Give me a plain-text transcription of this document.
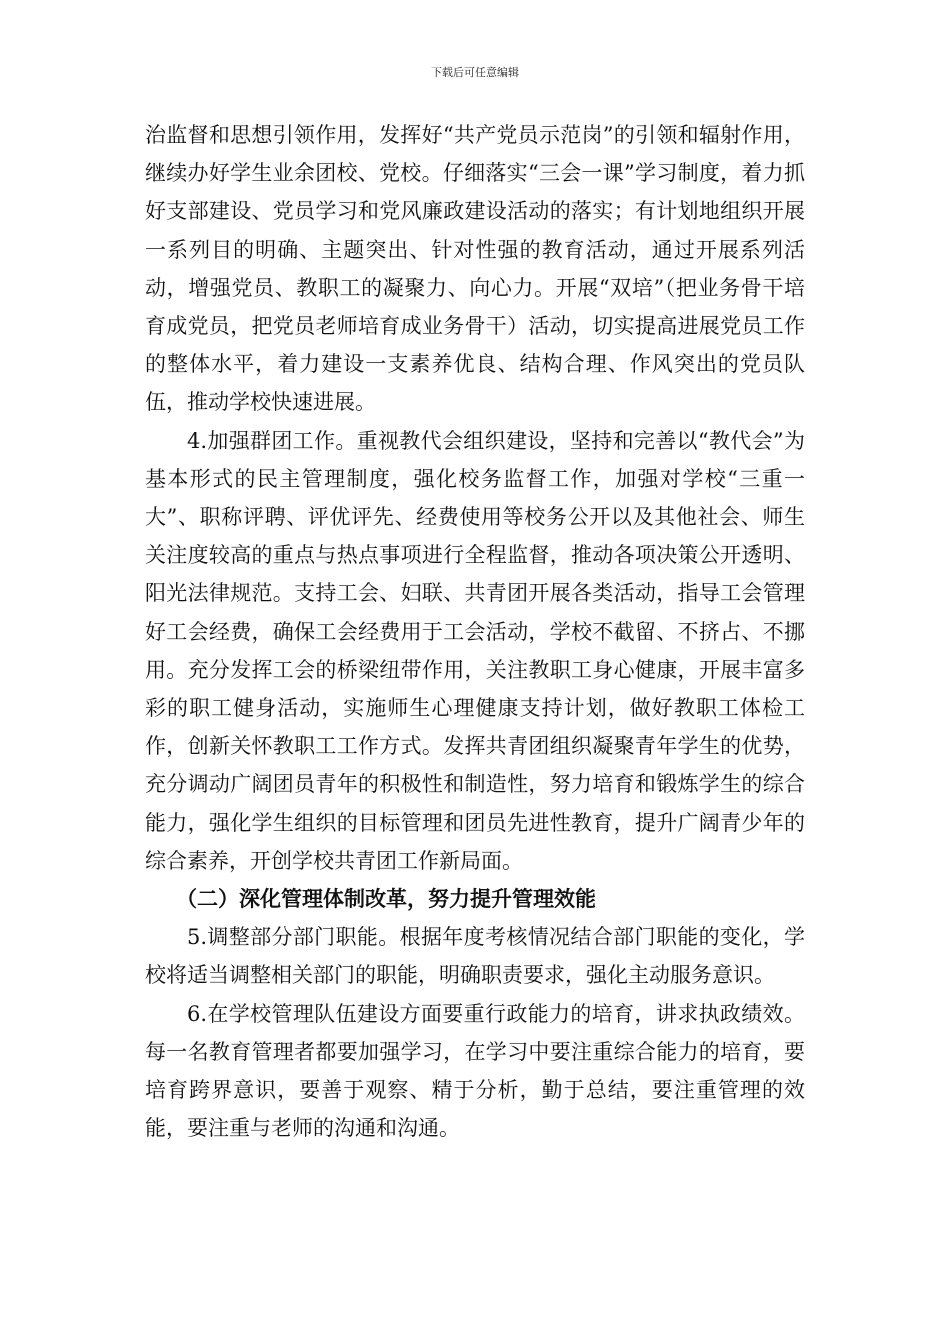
下载后可任意编辑

治监督和思想引领作用，发挥好“共产党员示范岗”的引领和辐射作用，继续办好学生业余团校、党校。仔细落实“三会一课”学习制度，着力抓好支部建设、党员学习和党风廉政建设活动的落实；有计划地组织开展一系列目的明确、主题突出、针对性强的教育活动，通过开展系列活动，增强党员、教职工的凝聚力、向心力。开展“双培”（把业务骨干培育成党员，把党员老师培育成业务骨干）活动，切实提高进展党员工作的整体水平，着力建设一支素养优良、结构合理、作风突出的党员队伍，推动学校快速进展。

4.加强群团工作。重视教代会组织建设，坚持和完善以“教代会”为基本形式的民主管理制度，强化校务监督工作，加强对学校“三重一大”、职称评聘、评优评先、经费使用等校务公开以及其他社会、师生关注度较高的重点与热点事项进行全程监督，推动各项决策公开透明、阳光法律规范。支持工会、妇联、共青团开展各类活动，指导工会管理好工会经费，确保工会经费用于工会活动，学校不截留、不挤占、不挪用。充分发挥工会的桥梁纽带作用，关注教职工身心健康，开展丰富多彩的职工健身活动，实施师生心理健康支持计划，做好教职工体检工作，创新关怀教职工工作方式。发挥共青团组织凝聚青年学生的优势，充分调动广阔团员青年的积极性和制造性，努力培育和锻炼学生的综合能力，强化学生组织的目标管理和团员先进性教育，提升广阔青少年的综合素养，开创学校共青团工作新局面。

（二）深化管理体制改革，努力提升管理效能

5.调整部分部门职能。根据年度考核情况结合部门职能的变化，学校将适当调整相关部门的职能，明确职责要求，强化主动服务意识。

6.在学校管理队伍建设方面要重行政能力的培育，讲求执政绩效。每一名教育管理者都要加强学习，在学习中要注重综合能力的培育，要培育跨界意识，要善于观察、精于分析，勤于总结，要注重管理的效能，要注重与老师的沟通和沟通。
